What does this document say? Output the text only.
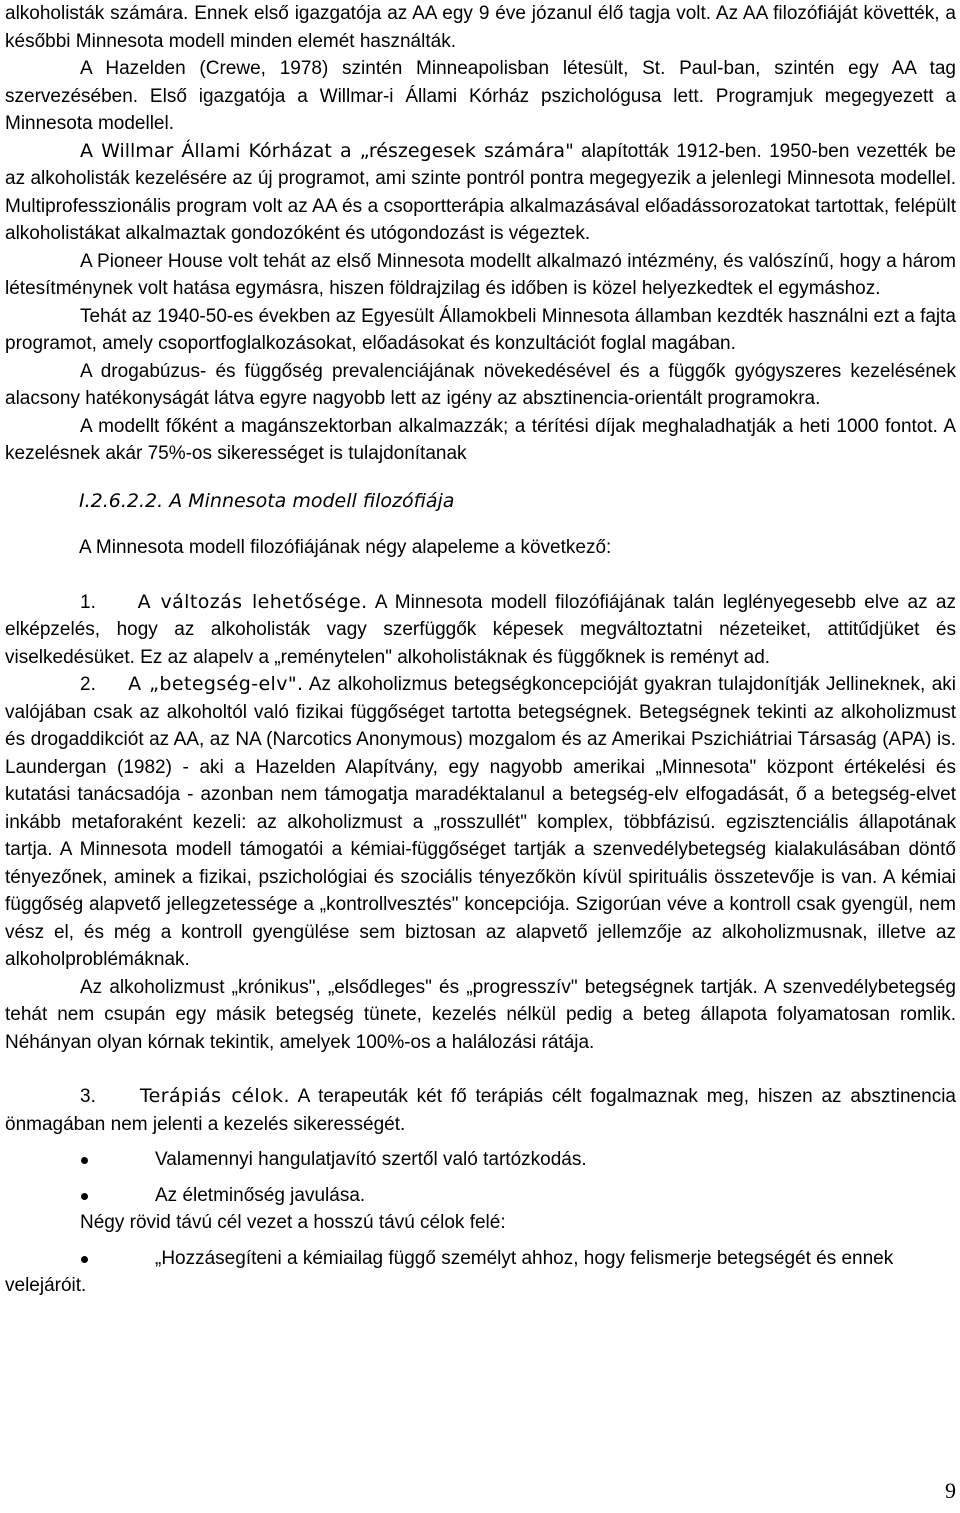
alkoholisták számára. Ennek első igazgatója az AA egy 9 éve józanul élő tagja volt. Az AA filozófiáját követték, a későbbi Minnesota modell minden elemét használták.

A Hazelden (Crewe, 1978) szintén Minneapolisban létesült, St. Paul-ban, szintén egy AA tag szervezésében. Első igazgatója a Willmar-i Állami Kórház pszichológusa lett. Programjuk megegyezett a Minnesota modellel.

A Willmar Állami Kórházat a „részegesek számára" alapították 1912-ben. 1950-ben vezették be az alkoholisták kezelésére az új programot, ami szinte pontról pontra megegyezik a jelenlegi Minnesota modellel. Multiprofesszionális program volt az AA és a csoportterápia alkalmazásával előadássorozatokat tartottak, felépült alkoholistákat alkalmaztak gondozóként és utógondozást is végeztek.

A Pioneer House volt tehát az első Minnesota modellt alkalmazó intézmény, és valószínű, hogy a három létesítménynek volt hatása egymásra, hiszen földrajzilag és időben is közel helyezkedtek el egymáshoz.

Tehát az 1940-50-es években az Egyesült Államokbeli Minnesota államban kezdték használni ezt a fajta programot, amely csoportfoglalkozásokat, előadásokat és konzultációt foglal magában.

A drogabúzus- és függőség prevalenciájának növekedésével és a függők gyógyszeres kezelésének alacsony hatékonyságát látva egyre nagyobb lett az igény az absztinencia-orientált programokra.

A modellt főként a magánszektorban alkalmazzák; a térítési díjak meghaladhatják a heti 1000 fontot. A kezelésnek akár 75%-os sikerességet is tulajdonítanak

I.2.6.2.2. A Minnesota modell filozófiája

A Minnesota modell filozófiájának négy alapeleme a következő:

1. A változás lehetősége. A Minnesota modell filozófiájának talán leglényegesebb elve az az elképzelés, hogy az alkoholisták vagy szerfüggők képesek megváltoztatni nézeteiket, attitűdjüket és viselkedésüket. Ez az alapelv a „reménytelen" alkoholistáknak és függőknek is reményt ad.

2. A „betegség-elv". Az alkoholizmus betegségkoncepcióját gyakran tulajdonítják Jellineknek, aki valójában csak az alkoholtól való fizikai függőséget tartotta betegségnek. Betegségnek tekinti az alkoholizmust és drogaddikciót az AA, az NA (Narcotics Anonymous) mozgalom és az Amerikai Pszichiátriai Társaság (APA) is. Laundergan (1982) - aki a Hazelden Alapítvány, egy nagyobb amerikai „Minnesota" központ értékelési és kutatási tanácsadója - azonban nem támogatja maradéktalanul a betegség-elv elfogadását, ő a betegség-elvet inkább metaforaként kezeli: az alkoholizmust a „rosszullét" komplex, többfázisú. egzisztenciális állapotának tartja. A Minnesota modell támogatói a kémiai-függőséget tartják a szenvedélybetegség kialakulásában döntő tényezőnek, aminek a fizikai, pszichológiai és szociális tényezőkön kívül spirituális összetevője is van. A kémiai függőség alapvető jellegzetessége a „kontrollvesztés" koncepciója. Szigorúan véve a kontroll csak gyengül, nem vész el, és még a kontroll gyengülése sem biztosan az alapvető jellemzője az alkoholizmusnak, illetve az alkoholproblémáknak.

Az alkoholizmust „krónikus", „elsődleges" és „progresszív" betegségnek tartják. A szenvedélybetegség tehát nem csupán egy másik betegség tünete, kezelés nélkül pedig a beteg állapota folyamatosan romlik. Néhányan olyan kórnak tekintik, amelyek 100%-os a halálozási rátája.

3. Terápiás célok. A terapeuták két fő terápiás célt fogalmaznak meg, hiszen az absztinencia önmagában nem jelenti a kezelés sikerességét.

Valamennyi hangulatjavító szertől való tartózkodás.

Az életminőség javulása.

Négy rövid távú cél vezet a hosszú távú célok felé:

„Hozzásegíteni a kémiailag függő személyt ahhoz, hogy felismerje betegségét és ennek velejáróit.

9
